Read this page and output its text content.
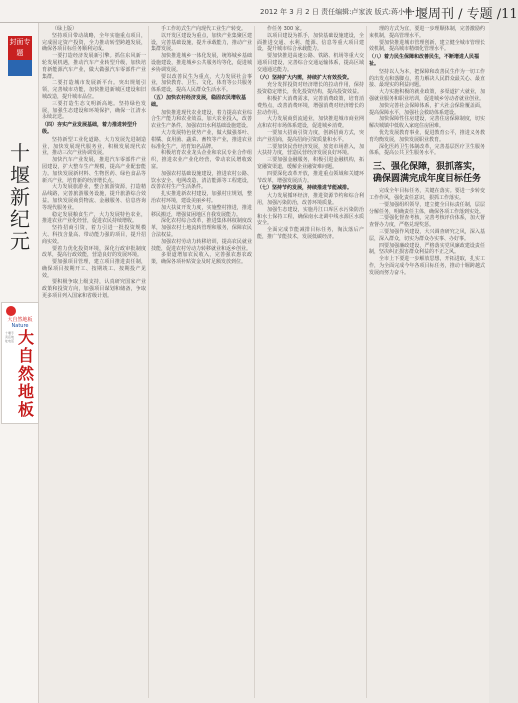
2012 年 3 月 2 日 责任编辑:卢家波 版式:蒋小艳
十堰周刊 / 专题 /11
封面专题
十
堰
新
纪
元
大自然地板
Nature
十堰专卖店地址电话 大
自
然
地
板

（绿上版）

坚持项目带动战略，全年实施重点项目，完成固定资产投资，全力推动转型跨越发展，确保各项目标任务顺利完成。

一要打造经济发展新引擎。抓住东风新一轮发展机遇，推动汽车产业转型升级，加快培育新能源汽车产业，做大做强汽车零部件产业集群。

二要打造城市发展新平台。突出规划引领，完善城市功能，加快推进新城区建设和旧城改造，提升城市品位。

三要打造生态文明新高地。坚持绿色发展，加强生态建设和环境保护，确保一江清水永续北送。

（四）夯实产业发展基础，着力推进转型升级。

坚持新型工业化道路，大力发展先进制造业，加快发展现代服务业，积极发展现代农业，推动三次产业协调发展。

加快汽车产业发展，推进汽车零部件产业园建设，扩大整车生产规模，提高产业配套能力。加快发展新材料、生物医药、绿色食品等新兴产业，培育新的经济增长点。

大力发展旅游业，整合旅游资源，打造精品线路，完善旅游服务设施，提升旅游综合效益。加快发展商贸物流、金融服务、信息咨询等现代服务业。

稳定发展粮食生产，大力发展特色农业，推进农业产业化经营，促进农民持续增收。

坚持招商引资，着力引进一批投资规模大、科技含量高、带动能力强的项目，提升招商实效。

要着力优化投资环境，深化行政审批制度改革，提高行政效能，营造良好的发展环境。

要加强项目管理，建立项目推进责任制，确保项目按期开工、按期竣工、按期投产见效。

要积极争取上级支持，认真研究国家产业政策和投资方向，加强项目谋划和储备，争取更多项目列入国家和省级计划。

手工作坊式生产向现代工业生产转变。

以开发区建设为重点，加快产业集聚区建设，完善基础设施，提升承载能力，推动产业集群发展。

加快推进城乡一体化发展，统筹城乡基础设施建设，推进城乡公共服务均等化，促进城乡协调发展。

要以改善民生为重点，大力发展社会事业，加快教育、卫生、文化、体育等公共服务体系建设，提高人民群众生活水平。

（五）加快农村经济发展，稳固农民增收基础。

加快推进现代农业建设，着力提高农业综合生产能力和农业效益。加大农业投入，改善农业生产条件，加强农田水利基础设施建设。

大力发展特色优势产业，做大做强茶叶、柑橘、食用菌、蔬菜、畜牧等产业，推进农业标准化生产，培育知名品牌。

积极培育农业龙头企业和农民专业合作组织，推进农业产业化经营，带动农民增收致富。

加强农村基础设施建设，推进农村公路、饮水安全、电网改造、清洁能源等工程建设，改善农村生产生活条件。

扎实推进新农村建设，加强村庄规划，整治农村环境，建设美丽乡村。

加大扶贫开发力度，实施整村推进，推进移民搬迁，增强贫困地区自我发展能力。

深化农村综合改革，推进集体林权制度改革，加强农村土地流转管理和服务，保障农民合法权益。

加强农村劳动力转移培训，提高农民就业技能，促进农村劳动力转移就业和返乡创业。

多渠道增加农民收入，完善强农惠农政策，确保各项补贴资金及时足额发放到位。

作任务 300 家。

以项目建设为抓手，加快基础设施建设，全面推进交通、水利、能源、信息等重大项目建设，提升城市综合承载能力。

要加快推进高速公路、铁路、机场等重大交通项目建设，完善综合交通运输体系，提高区域交通通达能力。

（六）坚持扩大内需，持续扩大有效投资。

充分发挥投资对经济增长的拉动作用，保持投资稳定增长，优化投资结构，提高投资效益。

积极扩大消费需求，完善消费政策，培育消费热点，改善消费环境，增强消费对经济增长的拉动作用。

大力发展商贸流通业，加快推进城市商业网点和农村市场体系建设，促进城乡消费。

一要加大招商引资力度，创新招商方式，突出产业招商，提高招商引资质量和水平。

二要加快民营经济发展，放宽市场准入，加大扶持力度，营造民营经济发展良好环境。

三要加强金融服务，积极引进金融机构，拓宽融资渠道，缓解企业融资难问题。

四要深化改革开放，推进重点领域和关键环节改革，增强发展活力。

（七）坚持节约发展，持续推进节能减排。

大力发展循环经济，推进资源节约和综合利用，加强污染防治，改善环境质量。

加强生态建设，实施丹江口库区水污染防治和水土保持工程，确保南水北调中线水源区水质安全。

全面完成节能减排目标任务，淘汰落后产能，推广节能技术，发展低碳经济。

理的方式为宜，要进一步理顺体制，完善激励约束机制，提高管理水平。

要加快推进城市管理创新，建立健全城市管理长效机制，提高城市精细化管理水平。

（八）着力民生保障和改善民生，不断增进人民福祉。

坚持以人为本，把保障和改善民生作为一切工作的出发点和落脚点，着力解决人民群众最关心、最直接、最现实的利益问题。

大力实施积极的就业政策，多渠道扩大就业，加强就业服务和职业培训，促进城乡劳动者就业创业。

加快完善社会保障体系，扩大社会保险覆盖面，提高保障水平，加强社会救助体系建设。

加快保障性住房建设，完善住房保障制度，切实解决城镇中低收入家庭住房困难。

优先发展教育事业，促进教育公平，推进义务教育均衡发展，加快发展职业教育。

深化医药卫生体制改革，完善基层医疗卫生服务体系，提高公共卫生服务水平。

三、强化保障，狠抓落实，确保圆满完成年度目标任务

完成全年目标任务，关键在落实。要进一步转变工作作风，强化责任意识，狠抓工作落实。

一要加强组织领导，建立健全目标责任制，层层分解任务，明确责任主体，确保各项工作落到实处。

二要强化督查考核，完善考核评价体系，加大督查督办力度，严格兑现奖惩。

三要加强作风建设，大兴调查研究之风，深入基层，深入群众，切实为群众办实事、办好事。

四要加强廉政建设，严格落实党风廉政建设责任制，坚决纠正损害群众利益的不正之风。

全市上下要进一步解放思想，开拓进取，扎实工作，为全面完成今年各项目标任务，推动十堰跨越式发展而努力奋斗。
